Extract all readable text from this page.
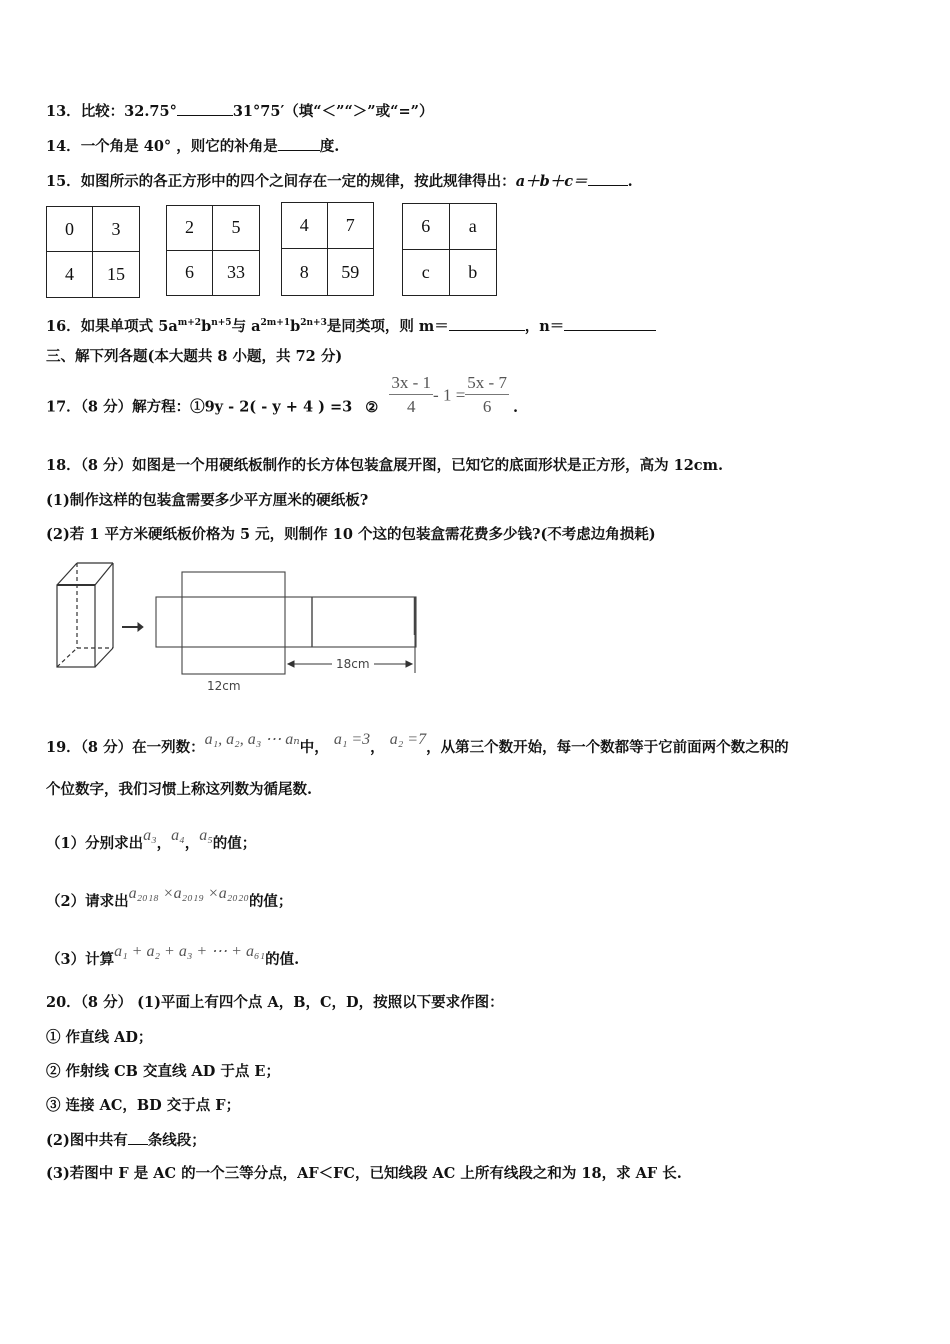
13．比较：32.75°	31°75′（填“＜”“＞”或“=”）
14．一个角是 40° ，则它的补角是	度.
15．如图所示的各正方形中的四个之间存在一定的规律，按此规律得出：a＋b＋c＝	.
0	3
4	15
2	5
6	33
4	7
8	59
6	a
c	b
16．如果单项式 $5a^{m+2}b^{n+5}$与 $a^{2m+1}b^{2n+3}$是同类项，则 m＝	，n＝
三、解下列各题(本大题共 8 小题，共 72 分)
17．（8 分）解方程：①9y - 2( - y + 4 ) =3 ② $\frac{3x - 1}{4} - 1 = \frac{5x - 7}{6}$ .
18．（8 分）如图是一个用硬纸板制作的长方体包装盒展开图，已知它的底面形状是正方形，高为 12cm.
(1)制作这样的包装盒需要多少平方厘米的硬纸板?
(2)若 1 平方米硬纸板价格为 5 元，则制作 10 个这的包装盒需花费多少钱?(不考虑边角损耗)
18cm
12cm
19．（8 分）在一列数：a₁, a₂, a₃ ⋯ aₙ中， a₁ =3， a₂ =7，从第三个数开始，每一个数都等于它前面两个数之积的
个位数字，我们习惯上称这列数为循尾数.
（1）分别求出a₃，a₄，a₅的值；
（2）请求出a₂₀₁₈ ×a₂₀₁₉ ×a₂₀₂₀的值；
（3）计算a₁ + a₂ + a₃ + ⋯ + a₆₁的值.
20．（8 分） (1)平面上有四个点 A，B，C，D，按照以下要求作图：
① 作直线 AD；
② 作射线 CB 交直线 AD 于点 E；
③ 连接 AC，BD 交于点 F；
(2)图中共有 条线段；
(3)若图中 F 是 AC 的一个三等分点，AF＜FC，已知线段 AC 上所有线段之和为 18，求 AF 长.
